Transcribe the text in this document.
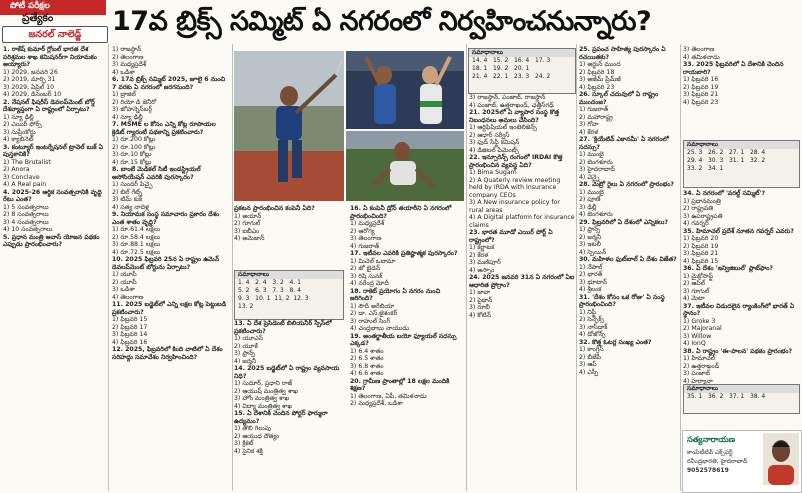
పోటీ పరీక్షల
ప్రత్యేకం
జనరల్ నాలెడ్జ్	17వ బ్రిక్స్ సమ్మిట్ ఏ నగరంలో నిర్వహించనున్నారు?

1. రాకేష్ కుమార్ గ్లోబల్ భారత దేశ పరిశ్రమల శాఖ కమిషనర్‌గా నియామకం అయ్యారు?

1) 2029, జనవరి 26

2) 2019, మార్చి 31

3) 2029, ఏప్రిల్ 10

4) 2029, డిసెంబర్ 10

2. నేషనల్ ఫిషరీస్ డెవలప్‌మెంట్ బోర్డ్ దేశవ్యాప్తంగా ఏ రాష్ట్రంలో ఏర్పాటు?

1) న్యూ ఢిల్లీ

2) ఎయిర్ ఫోర్స్

3) సుప్రీంకోర్టు

4) క్యాబినెట్

3. కంట్యూర్ ఇంటర్నేషనల్ ట్రావెల్ బుక్ ఏ పుస్తకానికి?

1) The Brutalist

2) Anora

3) Conclave

4) A Real pain

4. 2025-26 ఆర్థిక సంవత్సరానికి వృద్ధి రేటు ఎంత?

1) 5 సంవత్సరాలు

2) 8 సంవత్సరాలు

3) 4 సంవత్సరాలు

4) 10 సంవత్సరాలు

5. ప్రధాన మంత్రి ఆవాస్ యోజన పథకం ఎప్పుడు ప్రారంభించారు?

1) రాజస్థాన్

2) తెలంగాణ

3) మధ్యప్రదేశ్

4) ఒడిశా

6. 17వ బ్రిక్స్ సమ్మిట్ 2025, జూలై 6 నుంచి 7 వరకు ఏ నగరంలో జరగనుంది?

1) బ్రాజిల్

2) రియో డి జెనీరో

3) జోహన్నెస్‌బర్గ్

4) న్యూ ఢిల్లీ

7. MSME ల కోసం ఎన్ని కోట్ల రూపాయల క్రెడిట్ గ్యారంటీ పథకాన్ని ప్రకటించారు?

1) రూ.200 కోట్లు

2) రూ.100 కోట్లు

3) రూ.10 కోట్లు

4) రూ.15 కోట్లు

8. బాంబే మెడికల్ సిటీ ఇండస్ట్రియల్ అసోసియేషన్ ఎవరికి పురస్కారం?

1) సుందర్ పిచ్చై

2) బిల్ గేట్స్

3) టిమ్ కుక్

4) సత్య నాదెళ్ల

9. నియామక సంస్థ సమాచారం ప్రకారం దేశం ఎంత శాతం వృద్ధి?

1) రూ.61.4 లక్షలు

2) రూ.58.4 లక్షలు

3) రూ.88.1 లక్షలు

4) రూ.72.5 లక్షలు

10. 2025 ఫిబ్రవరి 25న ఏ రాష్ట్రం ఉమెన్ డెవలప్‌మెంట్ బోర్డును ఏర్పాటు?

1) యూపీ

2) యూపీ

3) ఒడిశా

4) తెలంగాణ

11. 2025 బడ్జెట్‌లో ఎన్ని లక్షల కోట్ల పెట్టుబడి ప్రకటించారు?

1) ఫిబ్రవరి 15

2) ఫిబ్రవరి 17

3) ఫిబ్రవరి 14

4) ఫిబ్రవరి 16

12. 2025, ఫిబ్రవరిలో కింది వాటిలో ఏ దేశం సరిహద్దు సమావేశం నిర్వహించింది?

ప్రకటన ప్రారంభించిన కంపెనీ ఏది?

1) అయాన్

2) గూగుల్

3) ఐబీఎం

4) అమెజాన్

సమాధానాలు
1. 4   2. 4   3. 2   4. 1
5. 2   6. 3   7. 3   8. 4
9. 3   10. 1  11. 2  12. 3
13. 2

13. ఏ దేశ ప్రెసిడెంట్ బిలియనీర్ స్పేస్‌లో ప్రకటించారు?

1) యూఎస్

2) యూకే

3) ఫ్రాన్స్

4) జర్మనీ

14. 2025 బడ్జెట్‌లో ఏ రాష్ట్రం వ్యవసాయ నిధి?

1) సుదూర్, ప్రధాని రాజ్

2) ఆయుష్ మంత్రిత్వ శాఖ

3) హోం మంత్రిత్వ శాఖ

4) విద్యా మంత్రిత్వ శాఖ

15. ఏ దేశానికి చెందిన పోర్టర్ ఫార్ములా ఉద్యమం?

1) తొలి గెలుపు

2) ఆయుధ దౌత్యం

3) క్రికెట్

4) సైనిక శక్తి

16. ఏ కంపెనీ డ్రోన్ తయారీని ఏ నగరంలో ప్రారంభించింది?

1) మధ్యప్రదేశ్

2) ఆరోగ్య

3) తెలంగాణ

4) గుజరాత్

17. ఇటీవల ఎవరికి ప్రతిష్టాత్మక పురస్కారం?

1) మిచెల్ ఒబామా

2) జో బైడెన్

3) రిషి సునక్

4) నరేంద్ర మోదీ

18. రాకెట్ ప్రయోగం ఏ నగరం నుంచి జరిగింది?

1) సౌదీ అరేబియా

2) డా. ఎస్.జైశంకర్

3) రాహుల్ సింగ్

4) చంద్రబాబు నాయుడు

19. అంతర్జాతీయ బయో ఫ్యూయల్ సదస్సు ఎక్కడ?

1) 6.4 శాతం

2) 6.5 శాతం

3) 6.8 శాతం

4) 6.6 శాతం

20. గ్రామీణ ప్రాంతాల్లో 18 లక్షల మందికి శిక్షణ?

1) తెలంగాణ, ఏపీ, తమిళనాడు

2) మధ్యప్రదేశ్, ఒడిశా

సమాధానాలు
14. 4   15. 2   16. 4   17. 3
18. 1   19. 2   20. 1
21. 4   22. 1   23. 3   24. 2

3) రాజస్థాన్, పంజాబ్, రాజస్థాన్

4) పంజాబ్, ఉత్తరాఖండ్, ఛత్తీస్‌గఢ్

21. 2025లో ఏ వ్యాపార సంస్థ కొత్త నిబంధనలు అమలు చేసింది?

1) ఆర్టిఫిషియల్ ఇంటెలిజెన్స్

2) ఆధార్ సర్వీస్

3) ఫుడ్ సేఫ్టీ కమిషన్

4) డిజిటల్ పేమెంట్స్

22. ఇన్సూరెన్స్ రంగంలో IRDAI కొత్త ప్రారంభించిన వ్యవస్థ ఏది?

1) Bima Sugam

2) A Quaterly review meeting held by IRDA with Insurance company CEOs

3) A New insurance policy for rural areas

4) A Digital platform for insurance claims

23. భారత మూడో ఎయిర్ పోర్ట్ ఏ రాష్ట్రంలో?

1) కర్ణాటక

2) కేరళ

3) మణిపూర్

4) అస్సాం

24. 2025 జనవరి 31న ఏ నగరంలో ఏఐ ఆధారిత ప్రోగ్రాం?

1) జావా

2) పైథాన్

3) రూబీ

4) కోటిన్

25. ప్రపంచ సాహిత్య పురస్కారం ఏ రచయితకు?

1) అర్జున్ ముంద

2) ఫిబ్రవరి 18

3) అజీమ్ ప్రేమ్‌జీ

4) ఫిబ్రవరి 23

26. స్కూల్ చదువులో ఏ రాష్ట్రం ముందంజ?

1) గుజరాత్

2) మహారాష్ట్ర

3) గోవా

4) కేరళ

27. 'క్రియేటివ్ ఎకానమీ' ఏ నగరంలో సదస్సు?

1) ముంబై

2) బెంగళూరు

3) హైదరాబాద్

4) చెన్నై

28. మెట్రో రైలు ఏ నగరంలో ప్రారంభం?

1) ముంబై

2) పూణే

3) ఢిల్లీ

4) బెంగళూరు

29. ఫిబ్రవరిలో ఏ దేశంలో ఎన్నికలు?

1) ఫ్రాన్స్

2) జర్మనీ

3) ఇటలీ

4) స్పెయిన్

30. మహిళల ఫుట్‌బాల్ ఏ దేశం విజేత?

1) నేపాల్

2) భారత్

3) భూటాన్

4) శ్రీలంక

31. 'దేశం కోసం ఒక రోజు' ఏ సంస్థ ప్రారంభించింది?

1) నిఫ్టీ

2) సెన్సెక్స్

3) నాస్‌డాక్

4) డోజోన్స్

32. కొత్త ఓటర్ల సంఖ్య ఎంత?

1) కాంగ్రెస్

2) బీజేపీ

3) ఆప్

4) ఎస్పీ

3) తెలంగాణ

4) తమిళనాడు

33. 2025 ఫిబ్రవరిలో ఏ దేశానికి చెందిన రాయబారి?

1) ఫిబ్రవరి 16

2) ఫిబ్రవరి 19

3) ఫిబ్రవరి 21

4) ఫిబ్రవరి 23

సమాధానాలు
25. 3   26. 2   27. 1   28. 4
29. 4   30. 3   31. 1   32. 2
33. 2   34. 1

34. ఏ నగరంలో 'వరల్డ్ సమ్మిట్'?

1) ప్రధానమంత్రి

2) రాష్ట్రపతి

3) ఉపరాష్ట్రపతి

4) గవర్నర్

35. హిమాచల్ ప్రదేశ్ నూతన గవర్నర్ ఎవరు?

1) ఫిబ్రవరి 20

2) ఫిబ్రవరి 19

3) ఫిబ్రవరి 21

4) ఫిబ్రవరి 15

36. ఏ దేశం 'ఇన్విజిబుల్' ప్లాట్‌ఫాం?

1) మైక్రోసాఫ్ట్

2) ఆపిల్

3) గూగుల్

4) మెటా

37. ఇటీవల విడుదలైన ర్యాంకింగ్‌లో భారత్ ఏ స్థానం?

1) Groke 3

2) Majoranal

3) Willow

4) IonQ

38. ఏ రాష్ట్రం 'ఈ-పాలన' పథకం ప్రారంభం?

1) హిమాచల్

2) ఉత్తరాఖండ్

3) పంజాబ్

4) హర్యానా

సమాధానాలు
35. 1   36. 2   37. 1   38. 4
సత్యనారాయణ
కాంపిటీటివ్ ఎక్స్‌పర్ట్
రవీంద్రభారతి, హైదరాబాద్
9052578619
